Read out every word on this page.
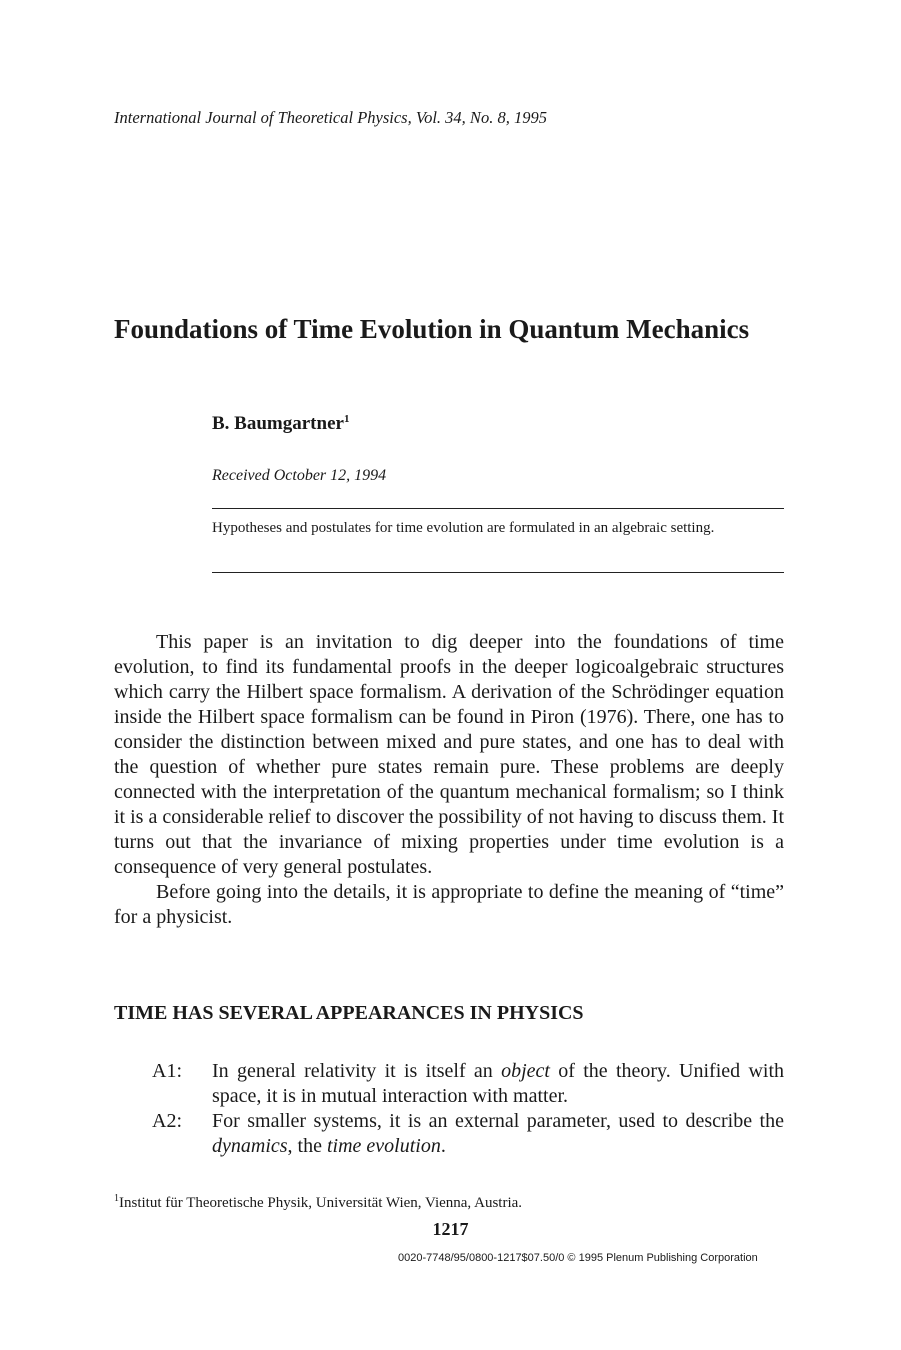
International Journal of Theoretical Physics, Vol. 34, No. 8, 1995
Foundations of Time Evolution in Quantum Mechanics
B. Baumgartner$^1$
Received October 12, 1994
Hypotheses and postulates for time evolution are formulated in an algebraic setting.

This paper is an invitation to dig deeper into the foundations of time evolution, to find its fundamental proofs in the deeper logicoalgebraic structures which carry the Hilbert space formalism. A derivation of the Schrödinger equation inside the Hilbert space formalism can be found in Piron (1976). There, one has to consider the distinction between mixed and pure states, and one has to deal with the question of whether pure states remain pure. These problems are deeply connected with the interpretation of the quantum mechanical formalism; so I think it is a considerable relief to discover the possibility of not having to discuss them. It turns out that the invariance of mixing properties under time evolution is a consequence of very general postulates.

Before going into the details, it is appropriate to define the meaning of “time” for a physicist.

TIME HAS SEVERAL APPEARANCES IN PHYSICS
A1:	In general relativity it is itself an object of the theory. Unified with space, it is in mutual interaction with matter.
A2:	For smaller systems, it is an external parameter, used to describe the dynamics, the time evolution.
$^1$Institut für Theoretische Physik, Universität Wien, Vienna, Austria.
1217
0020-7748/95/0800-1217$07.50/0 © 1995 Plenum Publishing Corporation
